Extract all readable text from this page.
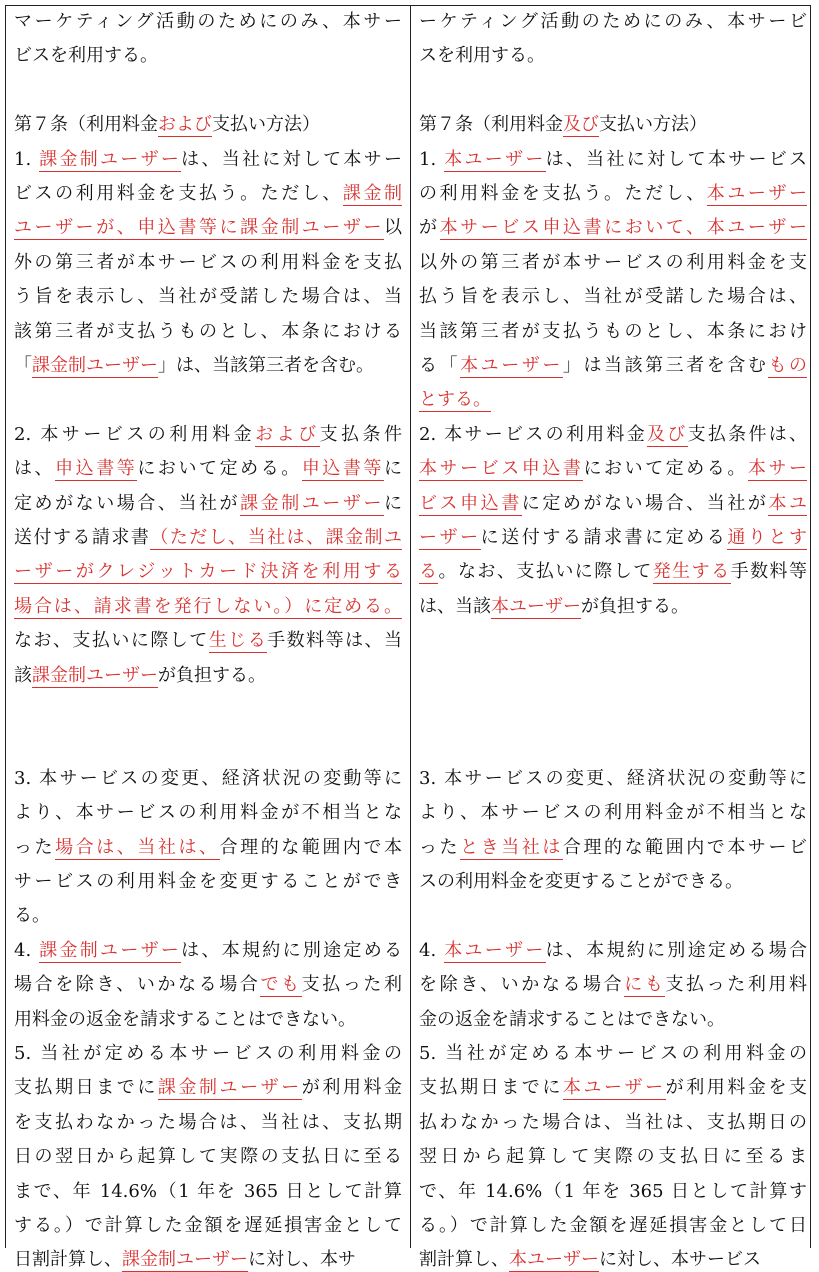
マーケティング活動のためにのみ、本サー
ビスを利用する。
第７条（利用料金および支払い方法）
1. 課金制ユーザーは、当社に対して本サー
ビスの利用料金を支払う。ただし、課金制
ユーザーが、申込書等に課金制ユーザー以
外の第三者が本サービスの利用料金を支払
う旨を表示し、当社が受諾した場合は、当
該第三者が支払うものとし、本条における
「課金制ユーザー」は、当該第三者を含む。
2. 本サービスの利用料金および支払条件
は、申込書等において定める。申込書等に
定めがない場合、当社が課金制ユーザーに
送付する請求書（ただし、当社は、課金制ユ
ーザーがクレジットカード決済を利用する
場合は、請求書を発行しない。）に定める。
なお、支払いに際して生じる手数料等は、当
該課金制ユーザーが負担する。
3. 本サービスの変更、経済状況の変動等に
より、本サービスの利用料金が不相当とな
った場合は、当社は、合理的な範囲内で本
サービスの利用料金を変更することができ
る。
4. 課金制ユーザーは、本規約に別途定める
場合を除き、いかなる場合でも支払った利
用料金の返金を請求することはできない。
5. 当社が定める本サービスの利用料金の
支払期日までに課金制ユーザーが利用料金
を支払わなかった場合は、当社は、支払期
日の翌日から起算して実際の支払日に至る
まで、年 14.6%（1 年を 365 日として計算
する。）で計算した金額を遅延損害金として
日割計算し、課金制ユーザーに対し、本サ
ーケティング活動のためにのみ、本サービ
スを利用する。
第７条（利用料金及び支払い方法）
1. 本ユーザーは、当社に対して本サービス
の利用料金を支払う。ただし、本ユーザー
が本サービス申込書において、本ユーザー
以外の第三者が本サービスの利用料金を支
払う旨を表示し、当社が受諾した場合は、
当該第三者が支払うものとし、本条におけ
る「本ユーザー」は当該第三者を含むもの
とする。
2. 本サービスの利用料金及び支払条件は、
本サービス申込書において定める。本サー
ビス申込書に定めがない場合、当社が本ユ
ーザーに送付する請求書に定める通りとす
る。なお、支払いに際して発生する手数料等
は、当該本ユーザーが負担する。
3. 本サービスの変更、経済状況の変動等に
より、本サービスの利用料金が不相当とな
ったとき当社は合理的な範囲内で本サービ
スの利用料金を変更することができる。
4. 本ユーザーは、本規約に別途定める場合
を除き、いかなる場合にも支払った利用料
金の返金を請求することはできない。
5. 当社が定める本サービスの利用料金の
支払期日までに本ユーザーが利用料金を支
払わなかった場合は、当社は、支払期日の
翌日から起算して実際の支払日に至るま
で、年 14.6%（1 年を 365 日として計算す
る。）で計算した金額を遅延損害金として日
割計算し、本ユーザーに対し、本サービス
